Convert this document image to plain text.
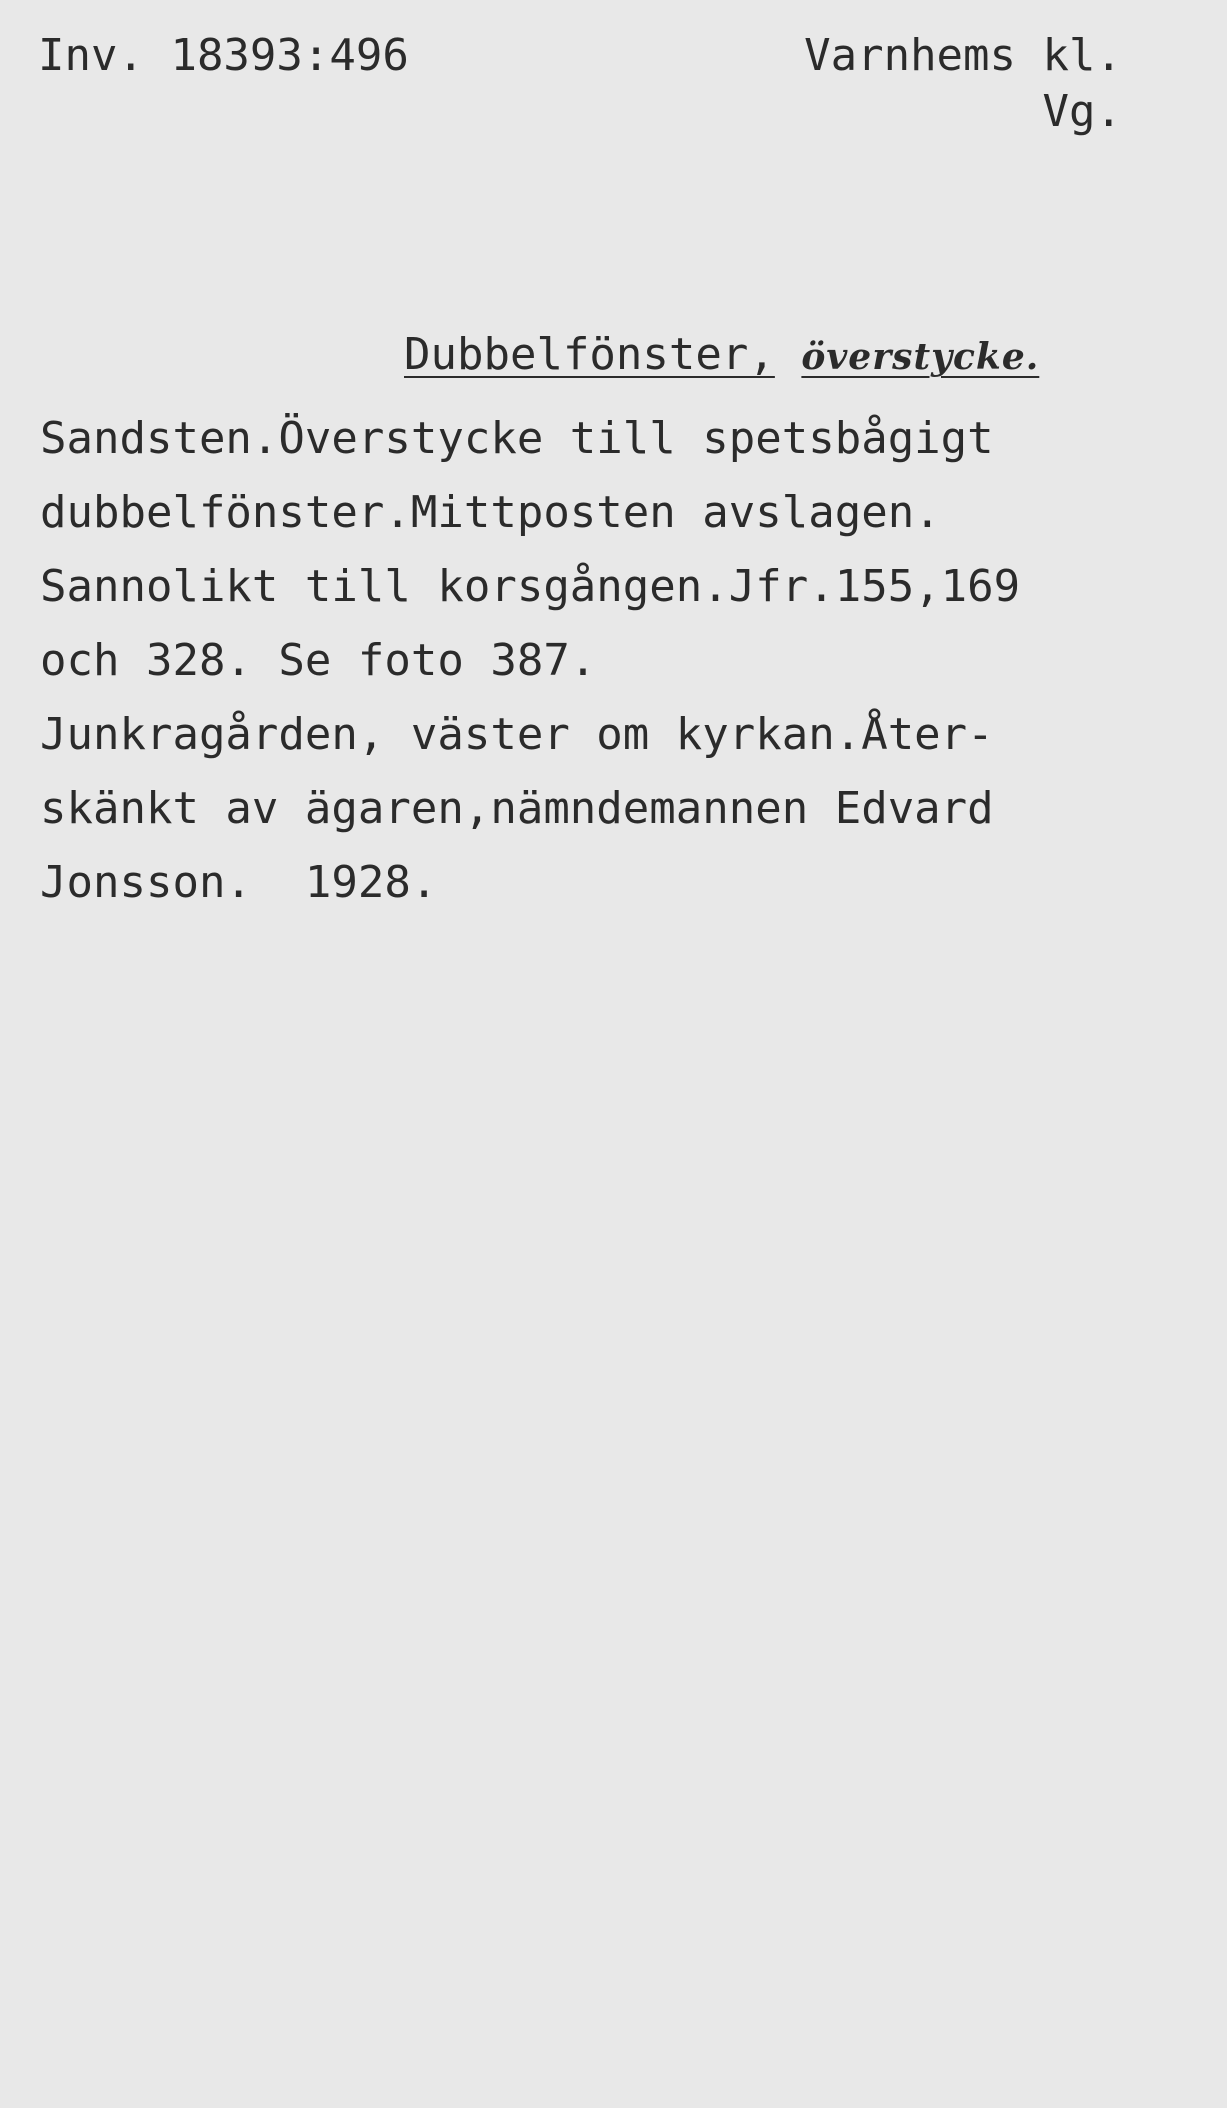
Inv. 18393:496	Varnhems kl.
Vg.
Dubbelfönster, överstycke.
Sandsten.Överstycke till spetsbågigt
dubbelfönster.Mittposten avslagen.
Sannolikt till korsgången.Jfr.155,169
och 328. Se foto 387.
Junkragården, väster om kyrkan.Åter-
skänkt av ägaren,nämndemannen Edvard
Jonsson.  1928.
